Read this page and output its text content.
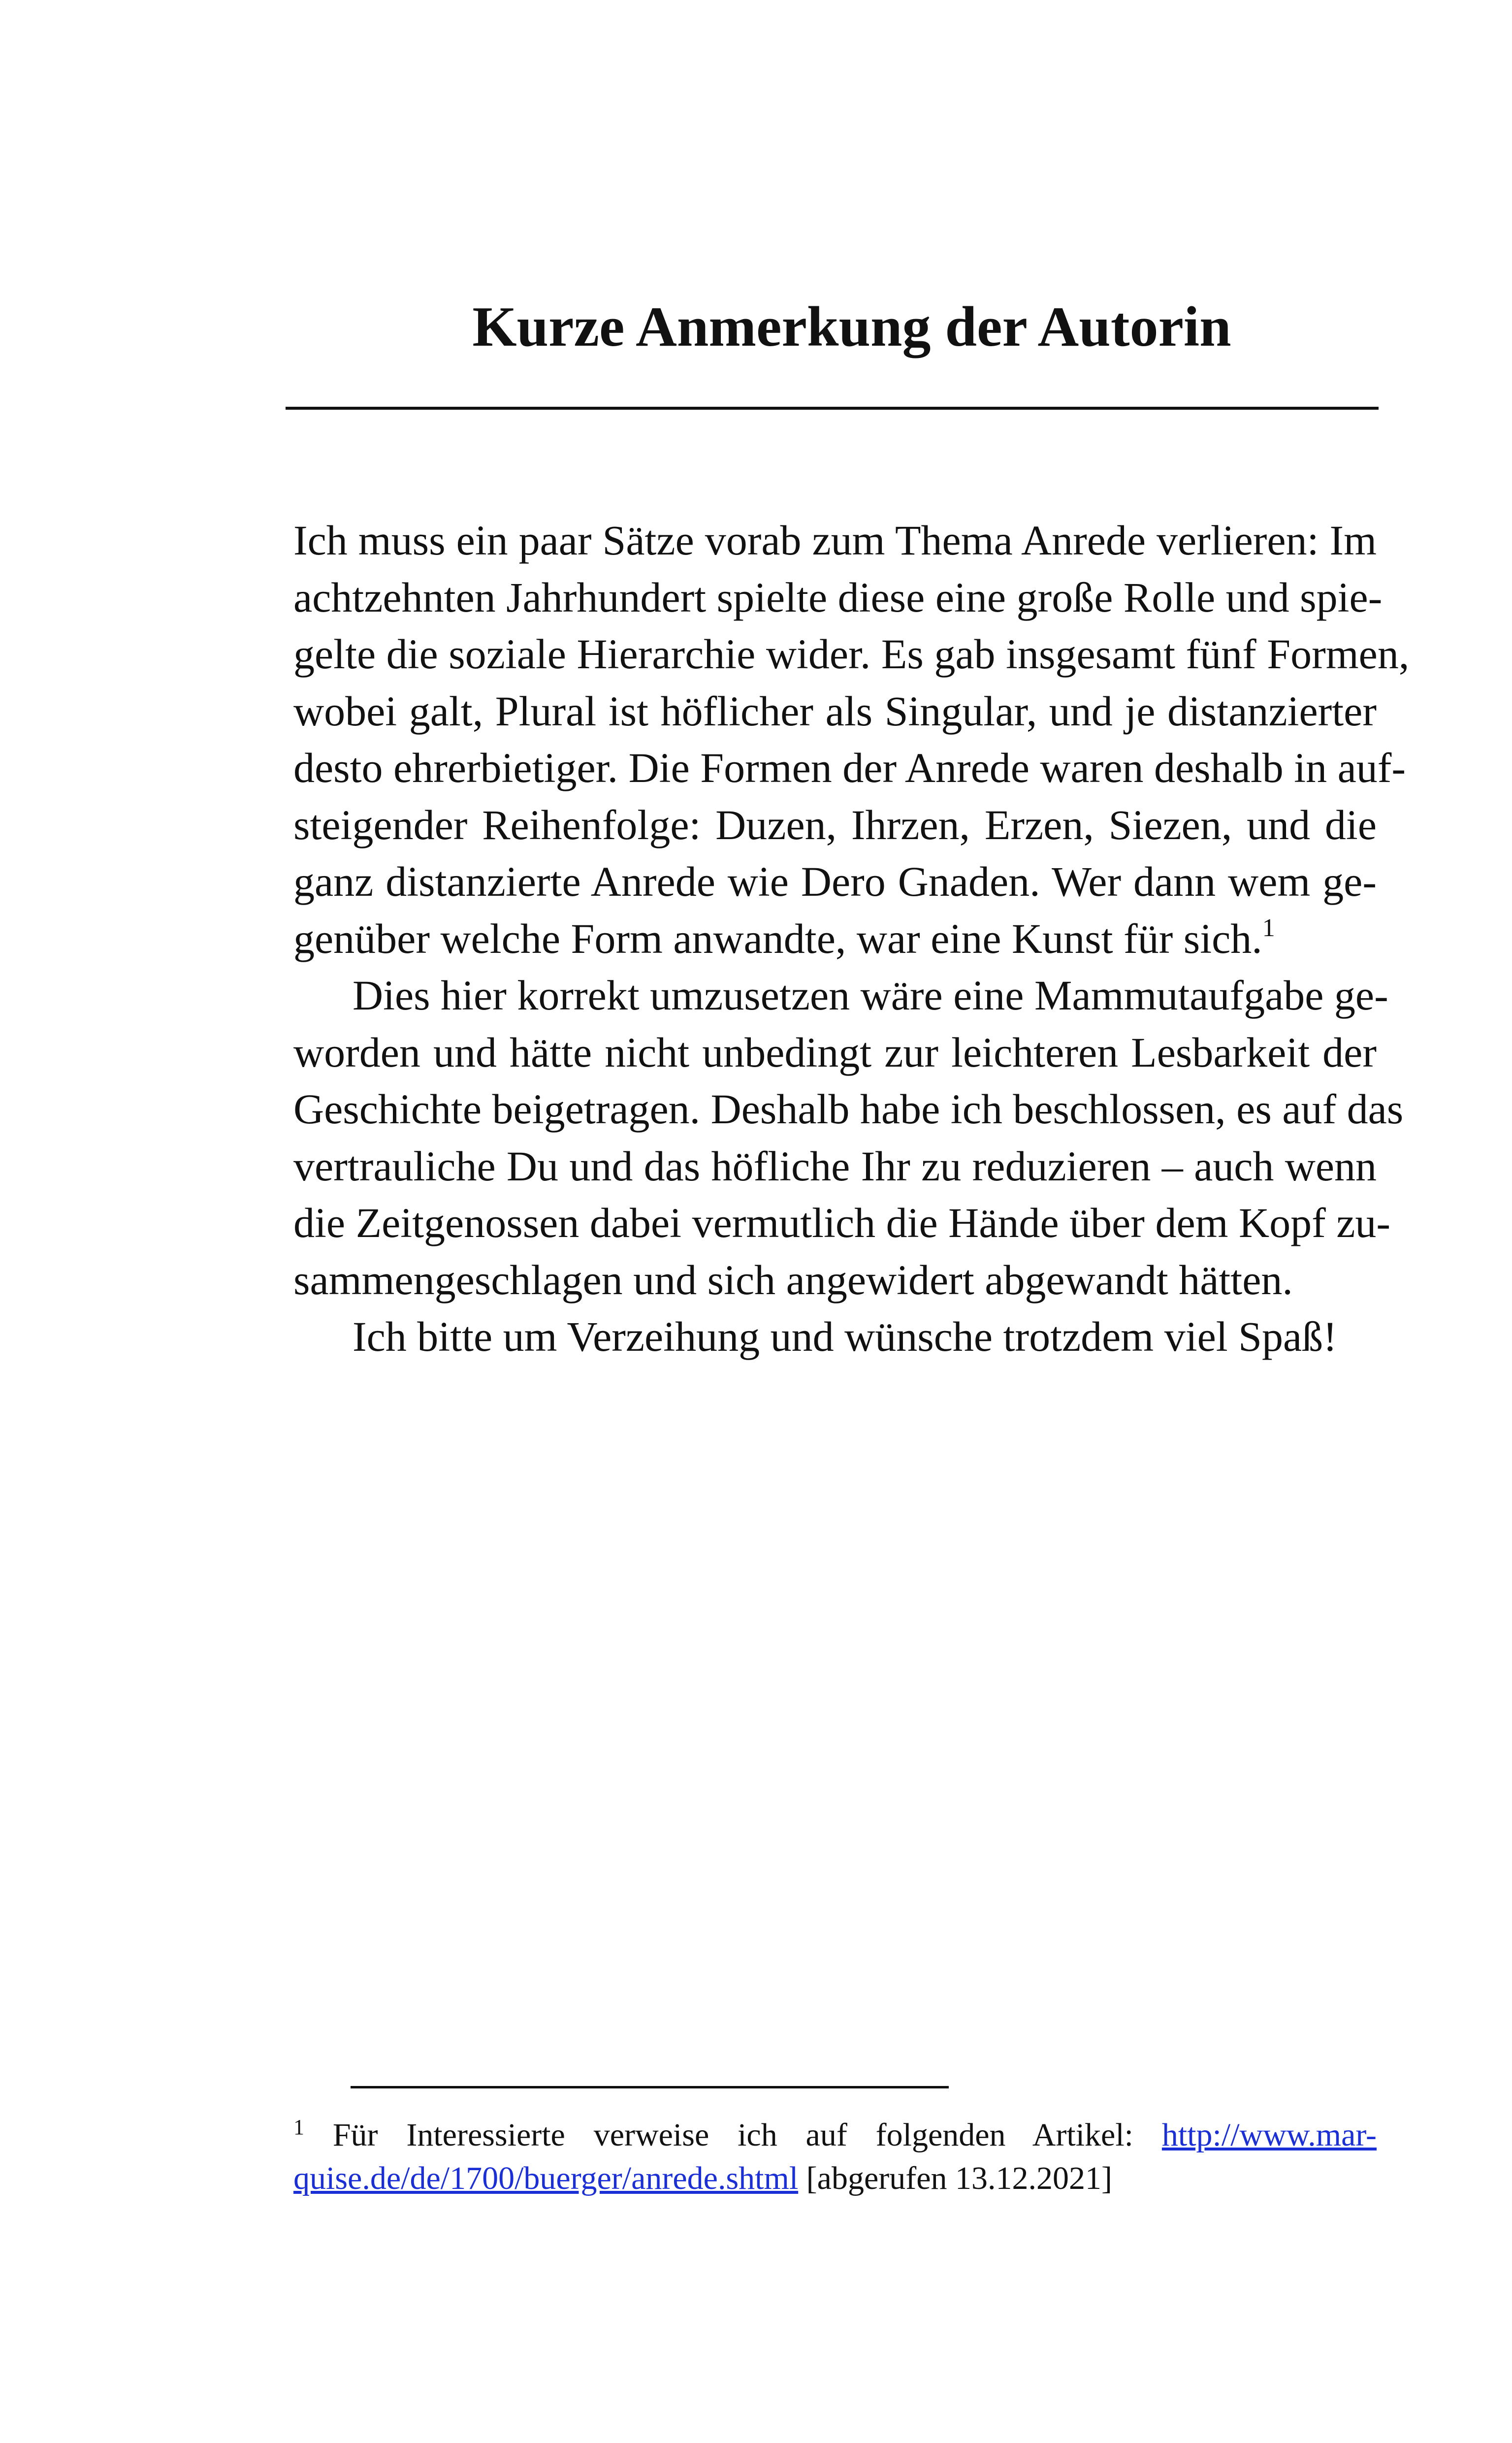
Kurze Anmerkung der Autorin
Ich muss ein paar Sätze vorab zum Thema Anrede verlieren: Im
achtzehnten Jahrhundert spielte diese eine große Rolle und spie-
gelte die soziale Hierarchie wider. Es gab insgesamt fünf Formen,
wobei galt, Plural ist höflicher als Singular, und je distanzierter
desto ehrerbietiger. Die Formen der Anrede waren deshalb in auf-
steigender Reihenfolge: Duzen, Ihrzen, Erzen, Siezen, und die
ganz distanzierte Anrede wie Dero Gnaden. Wer dann wem ge-
genüber welche Form anwandte, war eine Kunst für sich.$^1$
Dies hier korrekt umzusetzen wäre eine Mammutaufgabe ge-
worden und hätte nicht unbedingt zur leichteren Lesbarkeit der
Geschichte beigetragen. Deshalb habe ich beschlossen, es auf das
vertrauliche Du und das höfliche Ihr zu reduzieren – auch wenn
die Zeitgenossen dabei vermutlich die Hände über dem Kopf zu-
sammengeschlagen und sich angewidert abgewandt hätten.
Ich bitte um Verzeihung und wünsche trotzdem viel Spaß!
$^1$ Für Interessierte verweise ich auf folgenden Artikel: http://www.mar-
quise.de/de/1700/buerger/anrede.shtml [abgerufen 13.12.2021]
